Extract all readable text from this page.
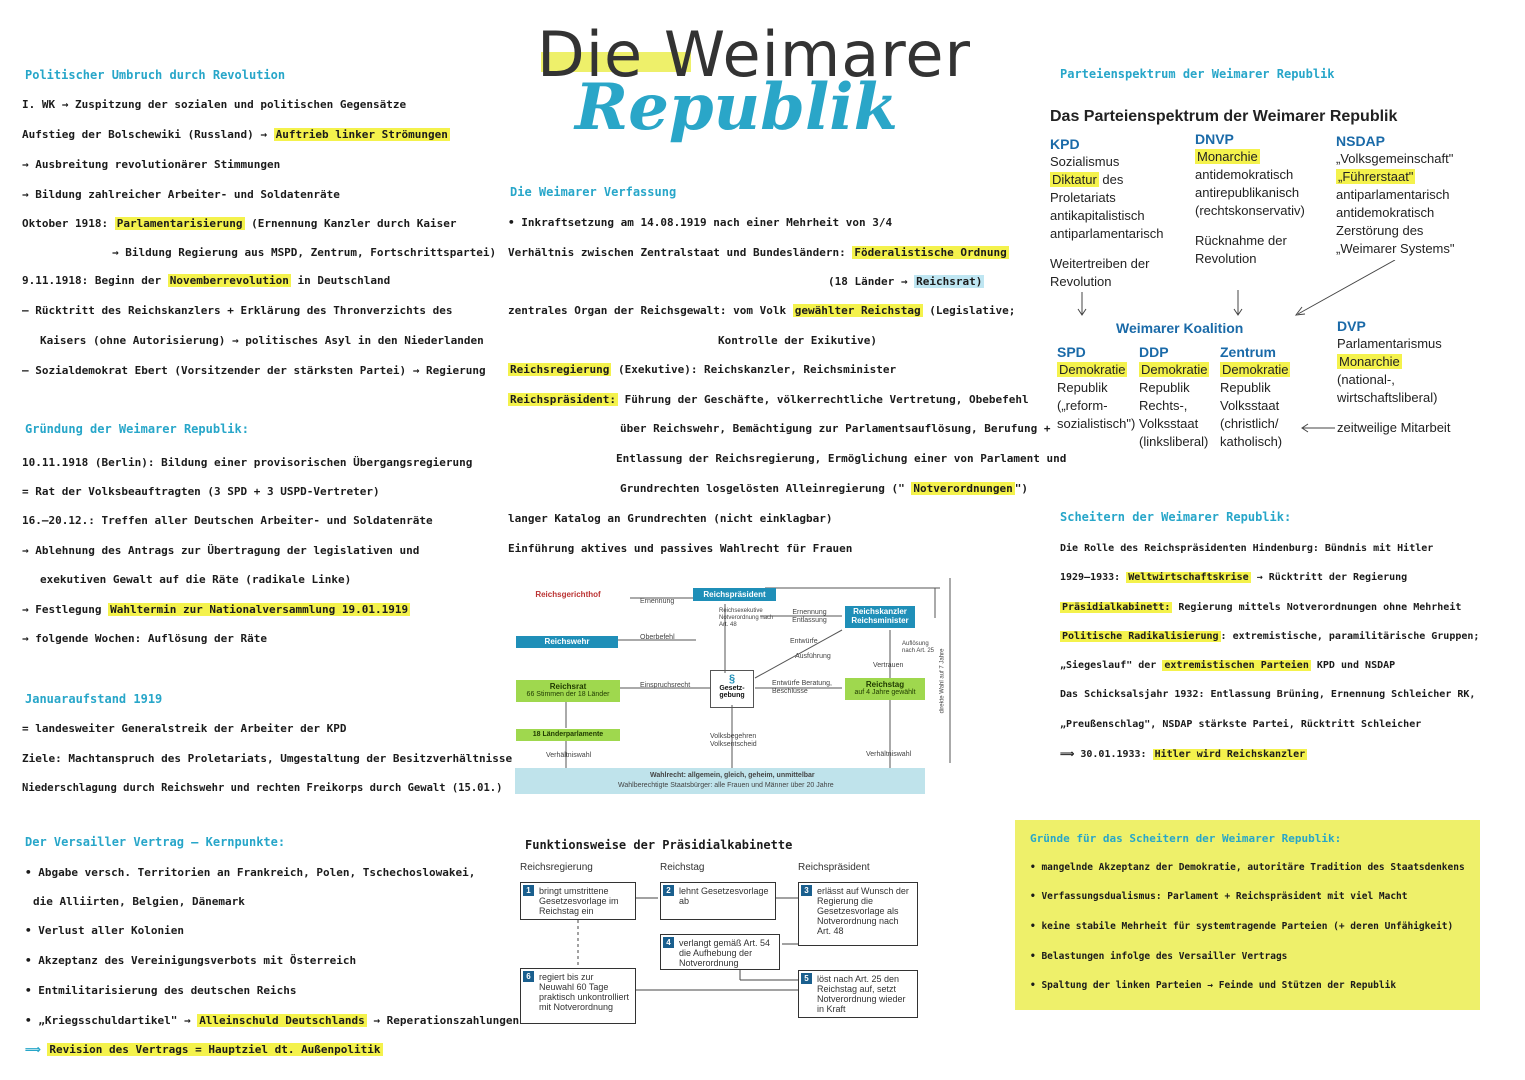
Die Weimarer
Republik
Politischer Umbruch durch Revolution
I. WK → Zuspitzung der sozialen und politischen Gegensätze
Aufstieg der Bolschewiki (Russland) → Auftrieb linker Strömungen
→ Ausbreitung revolutionärer Stimmungen
→ Bildung zahlreicher Arbeiter- und Soldatenräte
Oktober 1918: Parlamentarisierung (Ernennung Kanzler durch Kaiser
→ Bildung Regierung aus MSPD, Zentrum, Fortschrittspartei)
9.11.1918: Beginn der Novemberrevolution in Deutschland
– Rücktritt des Reichskanzlers + Erklärung des Thronverzichts des
Kaisers (ohne Autorisierung) → politisches Asyl in den Niederlanden
– Sozialdemokrat Ebert (Vorsitzender der stärksten Partei) → Regierung
Gründung der Weimarer Republik:
10.11.1918 (Berlin): Bildung einer provisorischen Übergangsregierung
= Rat der Volksbeauftragten (3 SPD + 3 USPD-Vertreter)
16.–20.12.: Treffen aller Deutschen Arbeiter- und Soldatenräte
→ Ablehnung des Antrags zur Übertragung der legislativen und
exekutiven Gewalt auf die Räte (radikale Linke)
→ Festlegung Wahltermin zur Nationalversammlung 19.01.1919
→ folgende Wochen: Auflösung der Räte
Januaraufstand 1919
= landesweiter Generalstreik der Arbeiter der KPD
Ziele: Machtanspruch des Proletariats, Umgestaltung der Besitzverhältnisse
Niederschlagung durch Reichswehr und rechten Freikorps durch Gewalt (15.01.)
Der Versailler Vertrag – Kernpunkte:
• Abgabe versch. Territorien an Frankreich, Polen, Tschechoslowakei,
die Alliirten, Belgien, Dänemark
• Verlust aller Kolonien
• Akzeptanz des Vereinigungsverbots mit Österreich
• Entmilitarisierung des deutschen Reichs
• „Kriegsschuldartikel" → Alleinschuld Deutschlands → Reperationszahlungen
⟹ Revision des Vertrags = Hauptziel dt. Außenpolitik
Die Weimarer Verfassung
• Inkraftsetzung am 14.08.1919 nach einer Mehrheit von 3/4
Verhältnis zwischen Zentralstaat und Bundesländern: Föderalistische Ordnung
(18 Länder → Reichsrat)
zentrales Organ der Reichsgewalt: vom Volk gewählter Reichstag (Legislative;
Kontrolle der Exikutive)
Reichsregierung (Exekutive): Reichskanzler, Reichsminister
Reichspräsident: Führung der Geschäfte, völkerrechtliche Vertretung, Obebefehl
über Reichswehr, Bemächtigung zur Parlamentsauflösung, Berufung +
Entlassung der Reichsregierung, Ermöglichung einer von Parlament und
Grundrechten losgelösten Alleinregierung (" Notverordnungen ")
langer Katalog an Grundrechten (nicht einklagbar)
Einführung aktives und passives Wahlrecht für Frauen
Reichsgerichthof	Reichspräsident
Reichskanzler Reichsminister
Reichswehr
Reichsrat
66 Stimmen der 18 Länder
§
Gesetz-gebung
Reichstag
auf 4 Jahre gewählt
18 Länderparlamente
Ernennung
Ernennung Entlassung
Oberbefehl
Reichsexekutive Notverordnung nach Art. 48
Einspruchsrecht
Entwürfe
Ausführung
Vertrauen
Auflösung nach Art. 25
Entwürfe Beratung, Beschlüsse
Volksbegehren Volksentscheid
Verhältniswahl	Verhältniswahl
direkte Wahl auf 7 Jahre
Wahlrecht: allgemein, gleich, geheim, unmittelbar
Wahlberechtigte Staatsbürger: alle Frauen und Männer über 20 Jahre
Funktionsweise der Präsidialkabinette
Reichsregierung	Reichstag	Reichspräsident
1 bringt umstrittene Gesetzesvorlage im Reichstag ein
2 lehnt Gesetzesvorlage ab
3 erlässt auf Wunsch der Regierung die Gesetzesvorlage als Notverordnung nach Art. 48
4 verlangt gemäß Art. 54 die Aufhebung der Notverordnung
5 löst nach Art. 25 den Reichstag auf, setzt Notverordnung wieder in Kraft
6 regiert bis zur Neuwahl 60 Tage praktisch unkontrolliert mit Notverordnung
Parteienspektrum der Weimarer Republik
Das Parteienspektrum der Weimarer Republik
KPD
Sozialismus
Diktatur des
Proletariats
antikapitalistisch
antiparlamentarisch
Weitertreiben der
Revolution
DNVP
Monarchie
antidemokratisch
antirepublikanisch
(rechtskonservativ)
Rücknahme der
Revolution
NSDAP
„Volksgemeinschaft"
„Führerstaat"
antiparlamentarisch
antidemokratisch
Zerstörung des
„Weimarer Systems"
Weimarer Koalition
SPD
Demokratie
Republik
(„reform-
sozialistisch")
DDP
Demokratie
Republik
Rechts-,
Volksstaat
(linksliberal)
Zentrum
Demokratie
Republik
Volksstaat
(christlich/
katholisch)
DVP
Parlamentarismus
Monarchie
(national-,
wirtschaftsliberal)
zeitweilige Mitarbeit
Scheitern der Weimarer Republik:
Die Rolle des Reichspräsidenten Hindenburg: Bündnis mit Hitler
1929–1933: Weltwirtschaftskrise → Rücktritt der Regierung
Präsidialkabinett: Regierung mittels Notverordnungen ohne Mehrheit
Politische Radikalisierung : extremistische, paramilitärische Gruppen;
„Siegeslauf" der extremistischen Parteien KPD und NSDAP
Das Schicksalsjahr 1932: Entlassung Brüning, Ernennung Schleicher RK,
„Preußenschlag", NSDAP stärkste Partei, Rücktritt Schleicher
⟹ 30.01.1933: Hitler wird Reichskanzler
Gründe für das Scheitern der Weimarer Republik:
• mangelnde Akzeptanz der Demokratie, autoritäre Tradition des Staatsdenkens
• Verfassungsdualismus: Parlament + Reichspräsident mit viel Macht
• keine stabile Mehrheit für systemtragende Parteien (+ deren Unfähigkeit)
• Belastungen infolge des Versailler Vertrags
• Spaltung der linken Parteien → Feinde und Stützen der Republik
